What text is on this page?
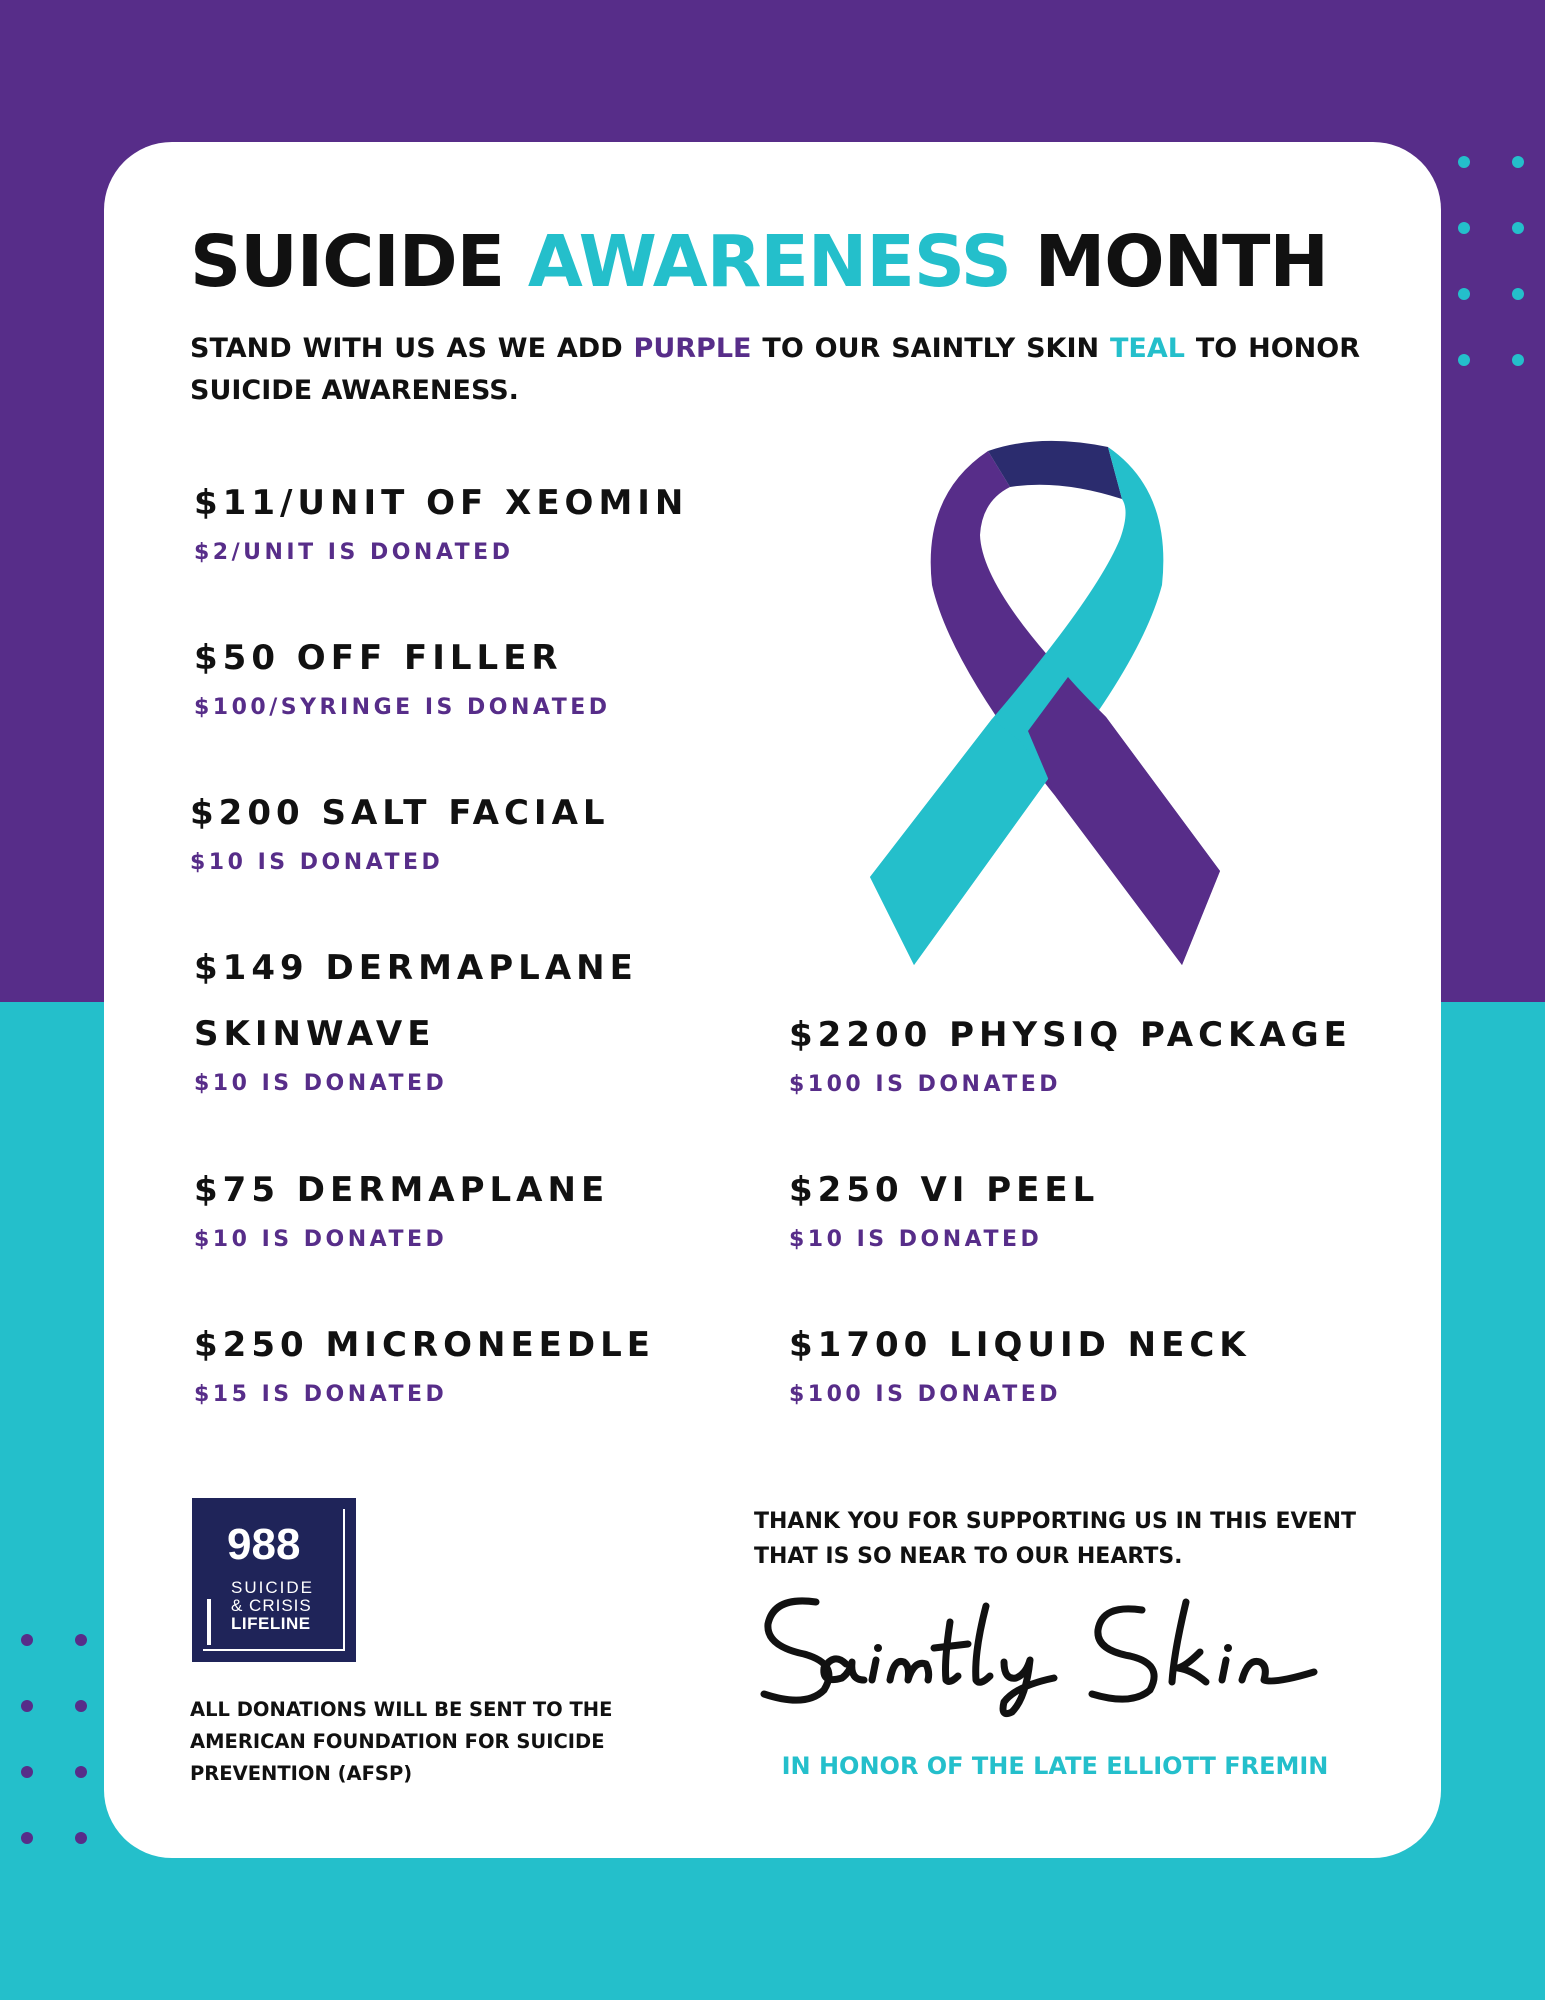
SUICIDE AWARENESS MONTH

STAND WITH US AS WE ADD PURPLE TO OUR SAINTLY SKIN TEAL TO HONOR SUICIDE AWARENESS.

$11/UNIT OF XEOMIN
$2/UNIT IS DONATED
$50 OFF FILLER
$100/SYRINGE IS DONATED
$200 SALT FACIAL
$10 IS DONATED
$149 DERMAPLANE
SKINWAVE
$10 IS DONATED
$75 DERMAPLANE
$10 IS DONATED
$250 MICRONEEDLE
$15 IS DONATED
$2200 PHYSIQ PACKAGE
$100 IS DONATED
$250 VI PEEL
$10 IS DONATED
$1700 LIQUID NECK
$100 IS DONATED
988
SUICIDE
& CRISIS
LIFELINE

ALL DONATIONS WILL BE SENT TO THE AMERICAN FOUNDATION FOR SUICIDE PREVENTION (AFSP)

THANK YOU FOR SUPPORTING US IN THIS EVENT THAT IS SO NEAR TO OUR HEARTS.

IN HONOR OF THE LATE ELLIOTT FREMIN
